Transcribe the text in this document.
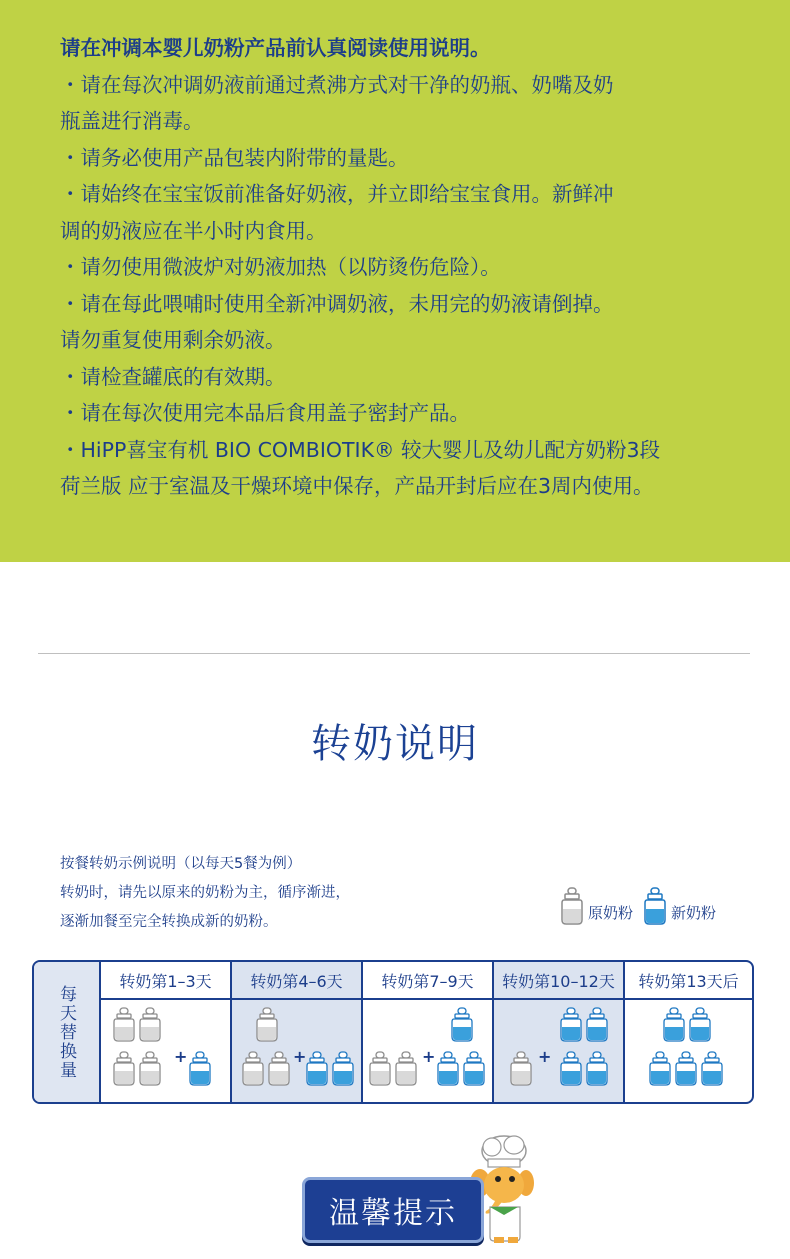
请在冲调本婴儿奶粉产品前认真阅读使用说明。

・请在每次冲调奶液前通过煮沸方式对干净的奶瓶、奶嘴及奶

瓶盖进行消毒。

・请务必使用产品包装内附带的量匙。

・请始终在宝宝饭前准备好奶液，并立即给宝宝食用。新鲜冲

调的奶液应在半小时内食用。

・请勿使用微波炉对奶液加热（以防烫伤危险）。

・请在每此喂哺时使用全新冲调奶液，未用完的奶液请倒掉。

请勿重复使用剩余奶液。

・请检查罐底的有效期。

・请在每次使用完本品后食用盖子密封产品。

・HiPP喜宝有机 BIO COMBIOTIK® 较大婴儿及幼儿配方奶粉3段

荷兰版 应于室温及干燥环境中保存，产品开封后应在3周内使用。

转奶说明

按餐转奶示例说明（以每天5餐为例）

转奶时，请先以原来的奶粉为主，循序渐进，

逐渐加餐至完全转换成新的奶粉。	原奶粉	新奶粉
每天替换量
转奶第1–3天
+
转奶第4–6天
+
转奶第7–9天
+
转奶第10–12天
+
转奶第13天后
温馨提示
